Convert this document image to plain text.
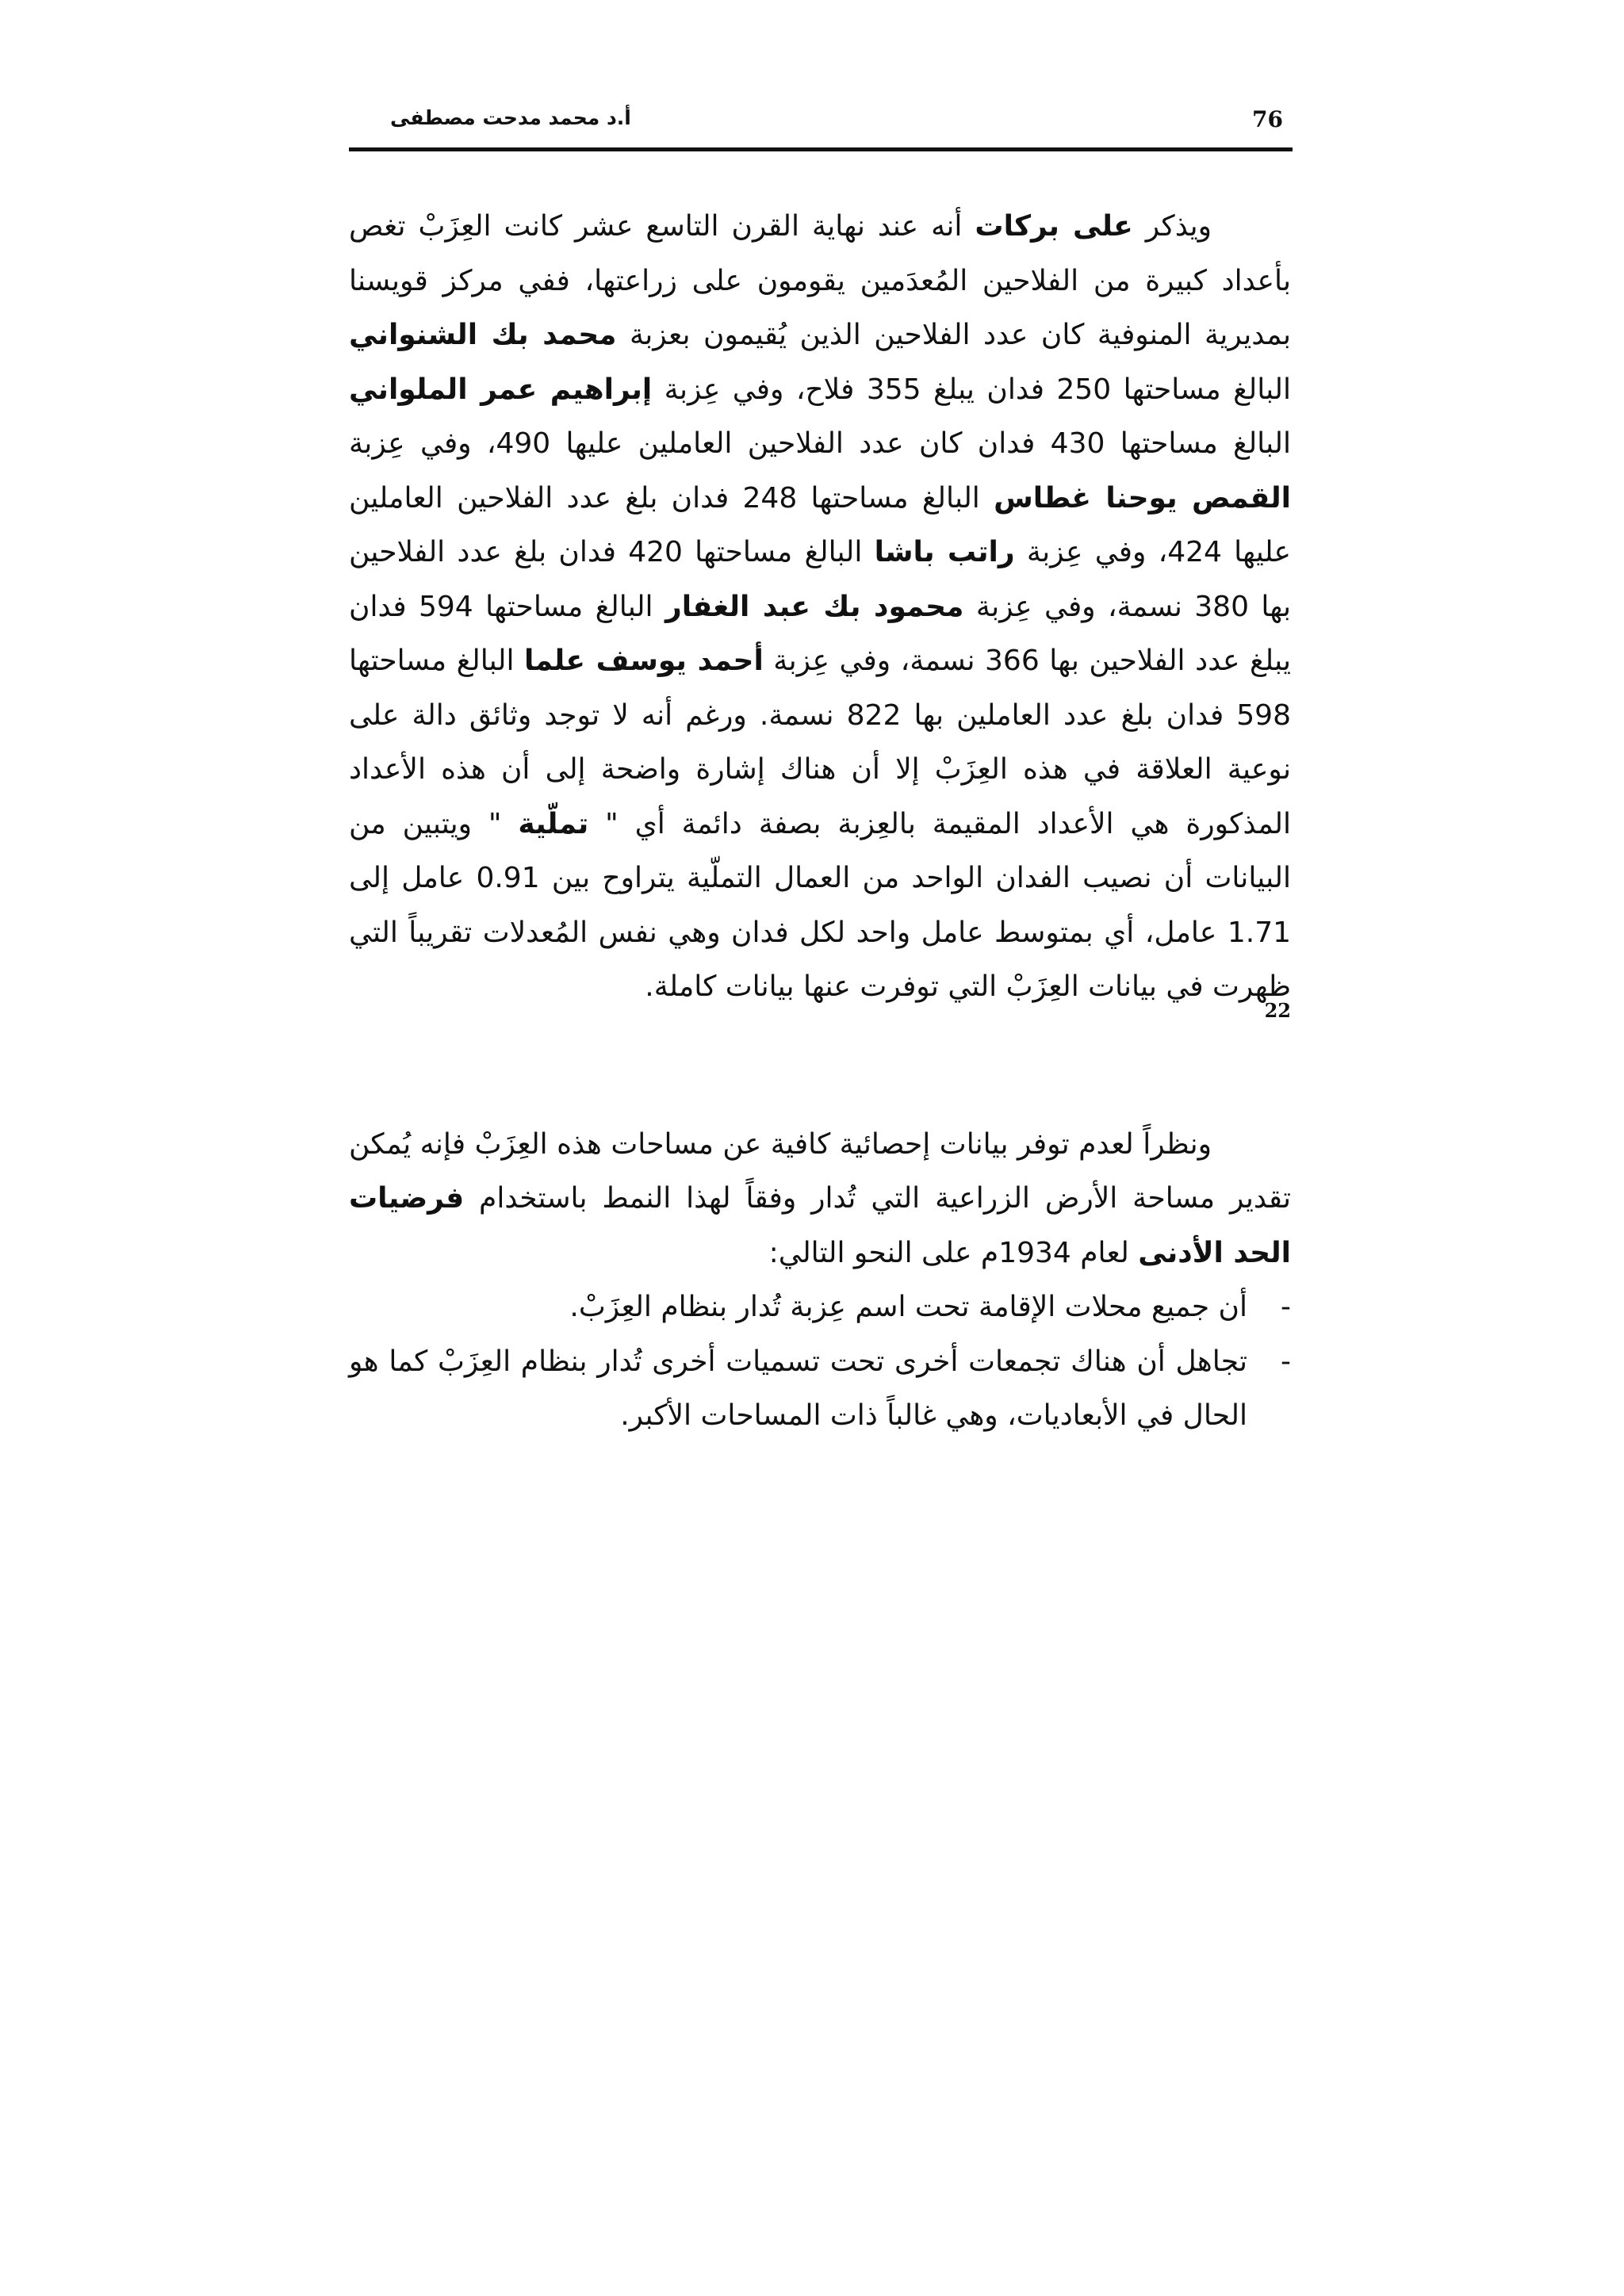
76
أ.د محمد مدحت مصطفى

ويذكر على بركات أنه عند نهاية القرن التاسع عشر كانت العِزَبْ تغص بأعداد كبيرة من الفلاحين المُعدَمين يقومون على زراعتها، ففي مركز قويسنا بمديرية المنوفية كان عدد الفلاحين الذين يُقيمون بعزبة محمد بك الشنواني البالغ مساحتها 250 فدان يبلغ 355 فلاح، وفي عِزبة إبراهيم عمر الملواني البالغ مساحتها 430 فدان كان عدد الفلاحين العاملين عليها 490، وفي عِزبة القمص يوحنا غطاس البالغ مساحتها 248 فدان بلغ عدد الفلاحين العاملين عليها 424، وفي عِزبة راتب باشا البالغ مساحتها 420 فدان بلغ عدد الفلاحين بها 380 نسمة، وفي عِزبة محمود بك عبد الغفار البالغ مساحتها 594 فدان يبلغ عدد الفلاحين بها 366 نسمة، وفي عِزبة أحمد يوسف علما البالغ مساحتها 598 فدان بلغ عدد العاملين بها 822 نسمة. ورغم أنه لا توجد وثائق دالة على نوعية العلاقة في هذه العِزَبْ إلا أن هناك إشارة واضحة إلى أن هذه الأعداد المذكورة هي الأعداد المقيمة بالعِزبة بصفة دائمة أي " تملّية " ويتبين من البيانات أن نصيب الفدان الواحد من العمال التملّية يتراوح بين 0.91 عامل إلى 1.71 عامل، أي بمتوسط عامل واحد لكل فدان وهي نفس المُعدلات تقريباً التي ظهرت في بيانات العِزَبْ التي توفرت عنها بيانات كاملة.
22

ونظراً لعدم توفر بيانات إحصائية كافية عن مساحات هذه العِزَبْ فإنه يُمكن تقدير مساحة الأرض الزراعية التي تُدار وفقاً لهذا النمط باستخدام فرضيات الحد الأدنى لعام 1934م على النحو التالي:

-
أن جميع محلات الإقامة تحت اسم عِزبة تُدار بنظام العِزَبْ.
-
تجاهل أن هناك تجمعات أخرى تحت تسميات أخرى تُدار بنظام العِزَبْ كما هو الحال في الأبعاديات، وهي غالباً ذات المساحات الأكبر.
